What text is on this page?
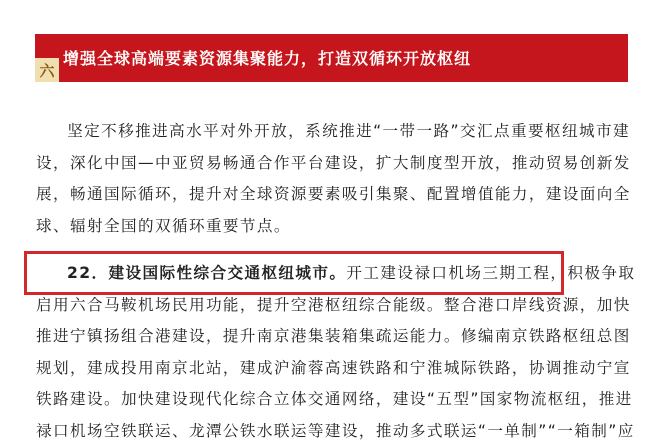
六
增强全球高端要素资源集聚能力，打造双循环开放枢纽
坚定不移推进高水平对外开放，系统推进“一带一路”交汇点重要枢纽城市建
设，深化中国—中亚贸易畅通合作平台建设，扩大制度型开放，推动贸易创新发
展，畅通国际循环，提升对全球资源要素吸引集聚、配置增值能力，建设面向全
球、辐射全国的双循环重要节点。
22．建设国际性综合交通枢纽城市。开工建设禄口机场三期工程，积极争取
启用六合马鞍机场民用功能，提升空港枢纽综合能级。整合港口岸线资源，加快
推进宁镇扬组合港建设，提升南京港集装箱集疏运能力。修编南京铁路枢纽总图
规划，建成投用南京北站，建成沪渝蓉高速铁路和宁淮城际铁路，协调推动宁宣
铁路建设。加快建设现代化综合立体交通网络，建设“五型”国家物流枢纽，推进
禄口机场空铁联运、龙潭公铁水联运等建设，推动多式联运“一单制”“一箱制”应
